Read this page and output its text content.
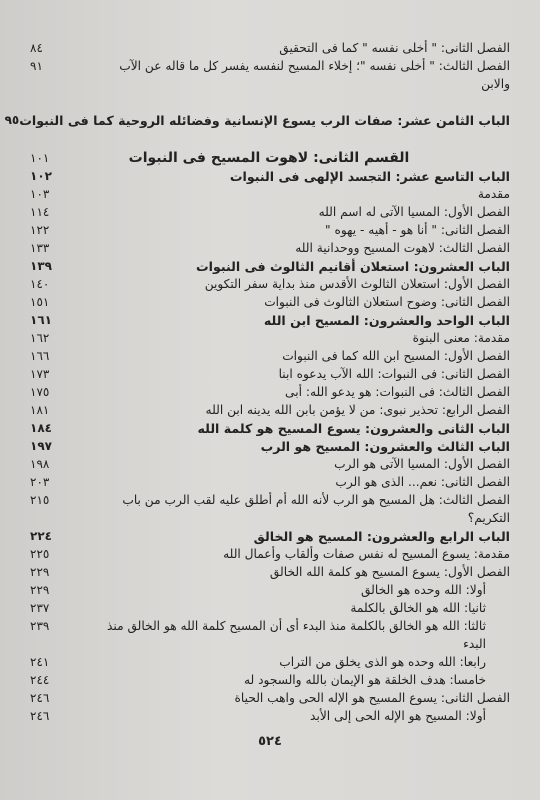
الفصل الثانى: " أخلى نفسه " كما فى التحقيق
٨٤
الفصل الثالث: " أخلى نفسه "؛ إخلاء المسيح لنفسه يفسر كل ما قاله عن الآب
٩١
والابن
الباب الثامن عشر: صفات الرب يسوع الإنسانية وفضائله الروحية كما فى النبوات
٩٥
القسم الثانى: لاهوت المسيح فى النبوات
١٠١
الباب التاسع عشر: التجسد الإلهى فى النبوات
١٠٢
مقدمة
١٠٣
الفصل الأول: المسيا الآتى له اسم الله
١١٤
الفصل الثانى: " أنا هو - أهيه - يهوه "
١٢٢
الفصل الثالث: لاهوت المسيح ووحدانية الله
١٣٣
الباب العشرون: استعلان أقانيم الثالوث فى النبوات
١٣٩
الفصل الأول: استعلان الثالوث الأقدس منذ بداية سفر التكوين
١٤٠
الفصل الثانى: وضوح استعلان الثالوث فى النبوات
١٥١
الباب الواحد والعشرون: المسيح ابن الله
١٦١
مقدمة: معنى البنوة
١٦٢
الفصل الأول: المسيح ابن الله كما فى النبوات
١٦٦
الفصل الثانى: فى النبوات: الله الآب يدعوه ابنا
١٧٣
الفصل الثالث: فى النبوات: هو يدعو الله: أبى
١٧٥
الفصل الرابع: تحذير نبوى: من لا يؤمن بابن الله يدينه ابن الله
١٨١
الباب الثانى والعشرون: يسوع المسيح هو كلمة الله
١٨٤
الباب الثالث والعشرون: المسيح هو الرب
١٩٧
الفصل الأول: المسيا الآتى هو الرب
١٩٨
الفصل الثانى: نعم... الذى هو الرب
٢٠٣
الفصل الثالث: هل المسيح هو الرب لأنه الله أم أطلق عليه لقب الرب من باب
٢١٥
التكريم؟
الباب الرابع والعشرون: المسيح هو الخالق
٢٢٤
مقدمة: يسوع المسيح له نفس صفات وألقاب وأعمال الله
٢٢٥
الفصل الأول: يسوع المسيح هو كلمة الله الخالق
٢٢٩
أولا: الله وحده هو الخالق
٢٢٩
ثانيا: الله هو الخالق بالكلمة
٢٣٧
ثالثا: الله هو الخالق بالكلمة منذ البدء أى أن المسيح كلمة الله هو الخالق منذ
٢٣٩
البدء
رابعا: الله وحده هو الذى يخلق من التراب
٢٤١
خامسا: هدف الخلقة هو الإيمان بالله والسجود له
٢٤٤
الفصل الثانى: يسوع المسيح هو الإله الحى واهب الحياة
٢٤٦
أولا: المسيح هو الإله الحى إلى الأبد
٢٤٦
٥٢٤
